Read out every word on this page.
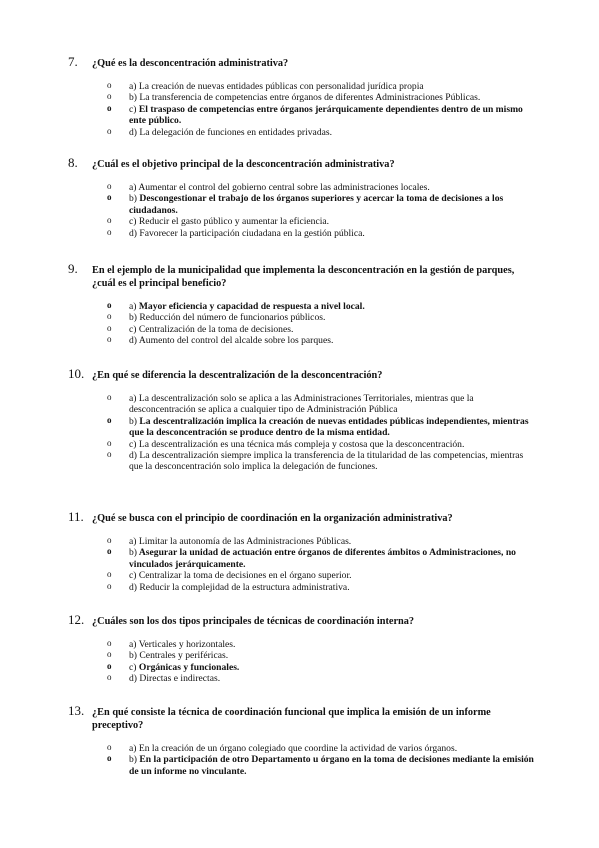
7. ¿Qué es la desconcentración administrativa?
o a) La creación de nuevas entidades públicas con personalidad jurídica propia
o b) La transferencia de competencias entre órganos de diferentes Administraciones Públicas.
o c) El traspaso de competencias entre órganos jerárquicamente dependientes dentro de un mismo ente público.
o d) La delegación de funciones en entidades privadas.
8. ¿Cuál es el objetivo principal de la desconcentración administrativa?
o a) Aumentar el control del gobierno central sobre las administraciones locales.
o b) Descongestionar el trabajo de los órganos superiores y acercar la toma de decisiones a los ciudadanos.
o c) Reducir el gasto público y aumentar la eficiencia.
o d) Favorecer la participación ciudadana en la gestión pública.
9. En el ejemplo de la municipalidad que implementa la desconcentración en la gestión de parques, ¿cuál es el principal beneficio?
o a) Mayor eficiencia y capacidad de respuesta a nivel local.
o b) Reducción del número de funcionarios públicos.
o c) Centralización de la toma de decisiones.
o d) Aumento del control del alcalde sobre los parques.
10. ¿En qué se diferencia la descentralización de la desconcentración?
o a) La descentralización solo se aplica a las Administraciones Territoriales, mientras que la desconcentración se aplica a cualquier tipo de Administración Pública
o b) La descentralización implica la creación de nuevas entidades públicas independientes, mientras que la desconcentración se produce dentro de la misma entidad.
o c) La descentralización es una técnica más compleja y costosa que la desconcentración.
o d) La descentralización siempre implica la transferencia de la titularidad de las competencias, mientras que la desconcentración solo implica la delegación de funciones.
11. ¿Qué se busca con el principio de coordinación en la organización administrativa?
o a) Limitar la autonomía de las Administraciones Públicas.
o b) Asegurar la unidad de actuación entre órganos de diferentes ámbitos o Administraciones, no vinculados jerárquicamente.
o c) Centralizar la toma de decisiones en el órgano superior.
o d) Reducir la complejidad de la estructura administrativa.
12. ¿Cuáles son los dos tipos principales de técnicas de coordinación interna?
o a) Verticales y horizontales.
o b) Centrales y periféricas.
o c) Orgánicas y funcionales.
o d) Directas e indirectas.
13. ¿En qué consiste la técnica de coordinación funcional que implica la emisión de un informe preceptivo?
o a) En la creación de un órgano colegiado que coordine la actividad de varios órganos.
o b) En la participación de otro Departamento u órgano en la toma de decisiones mediante la emisión de un informe no vinculante.
